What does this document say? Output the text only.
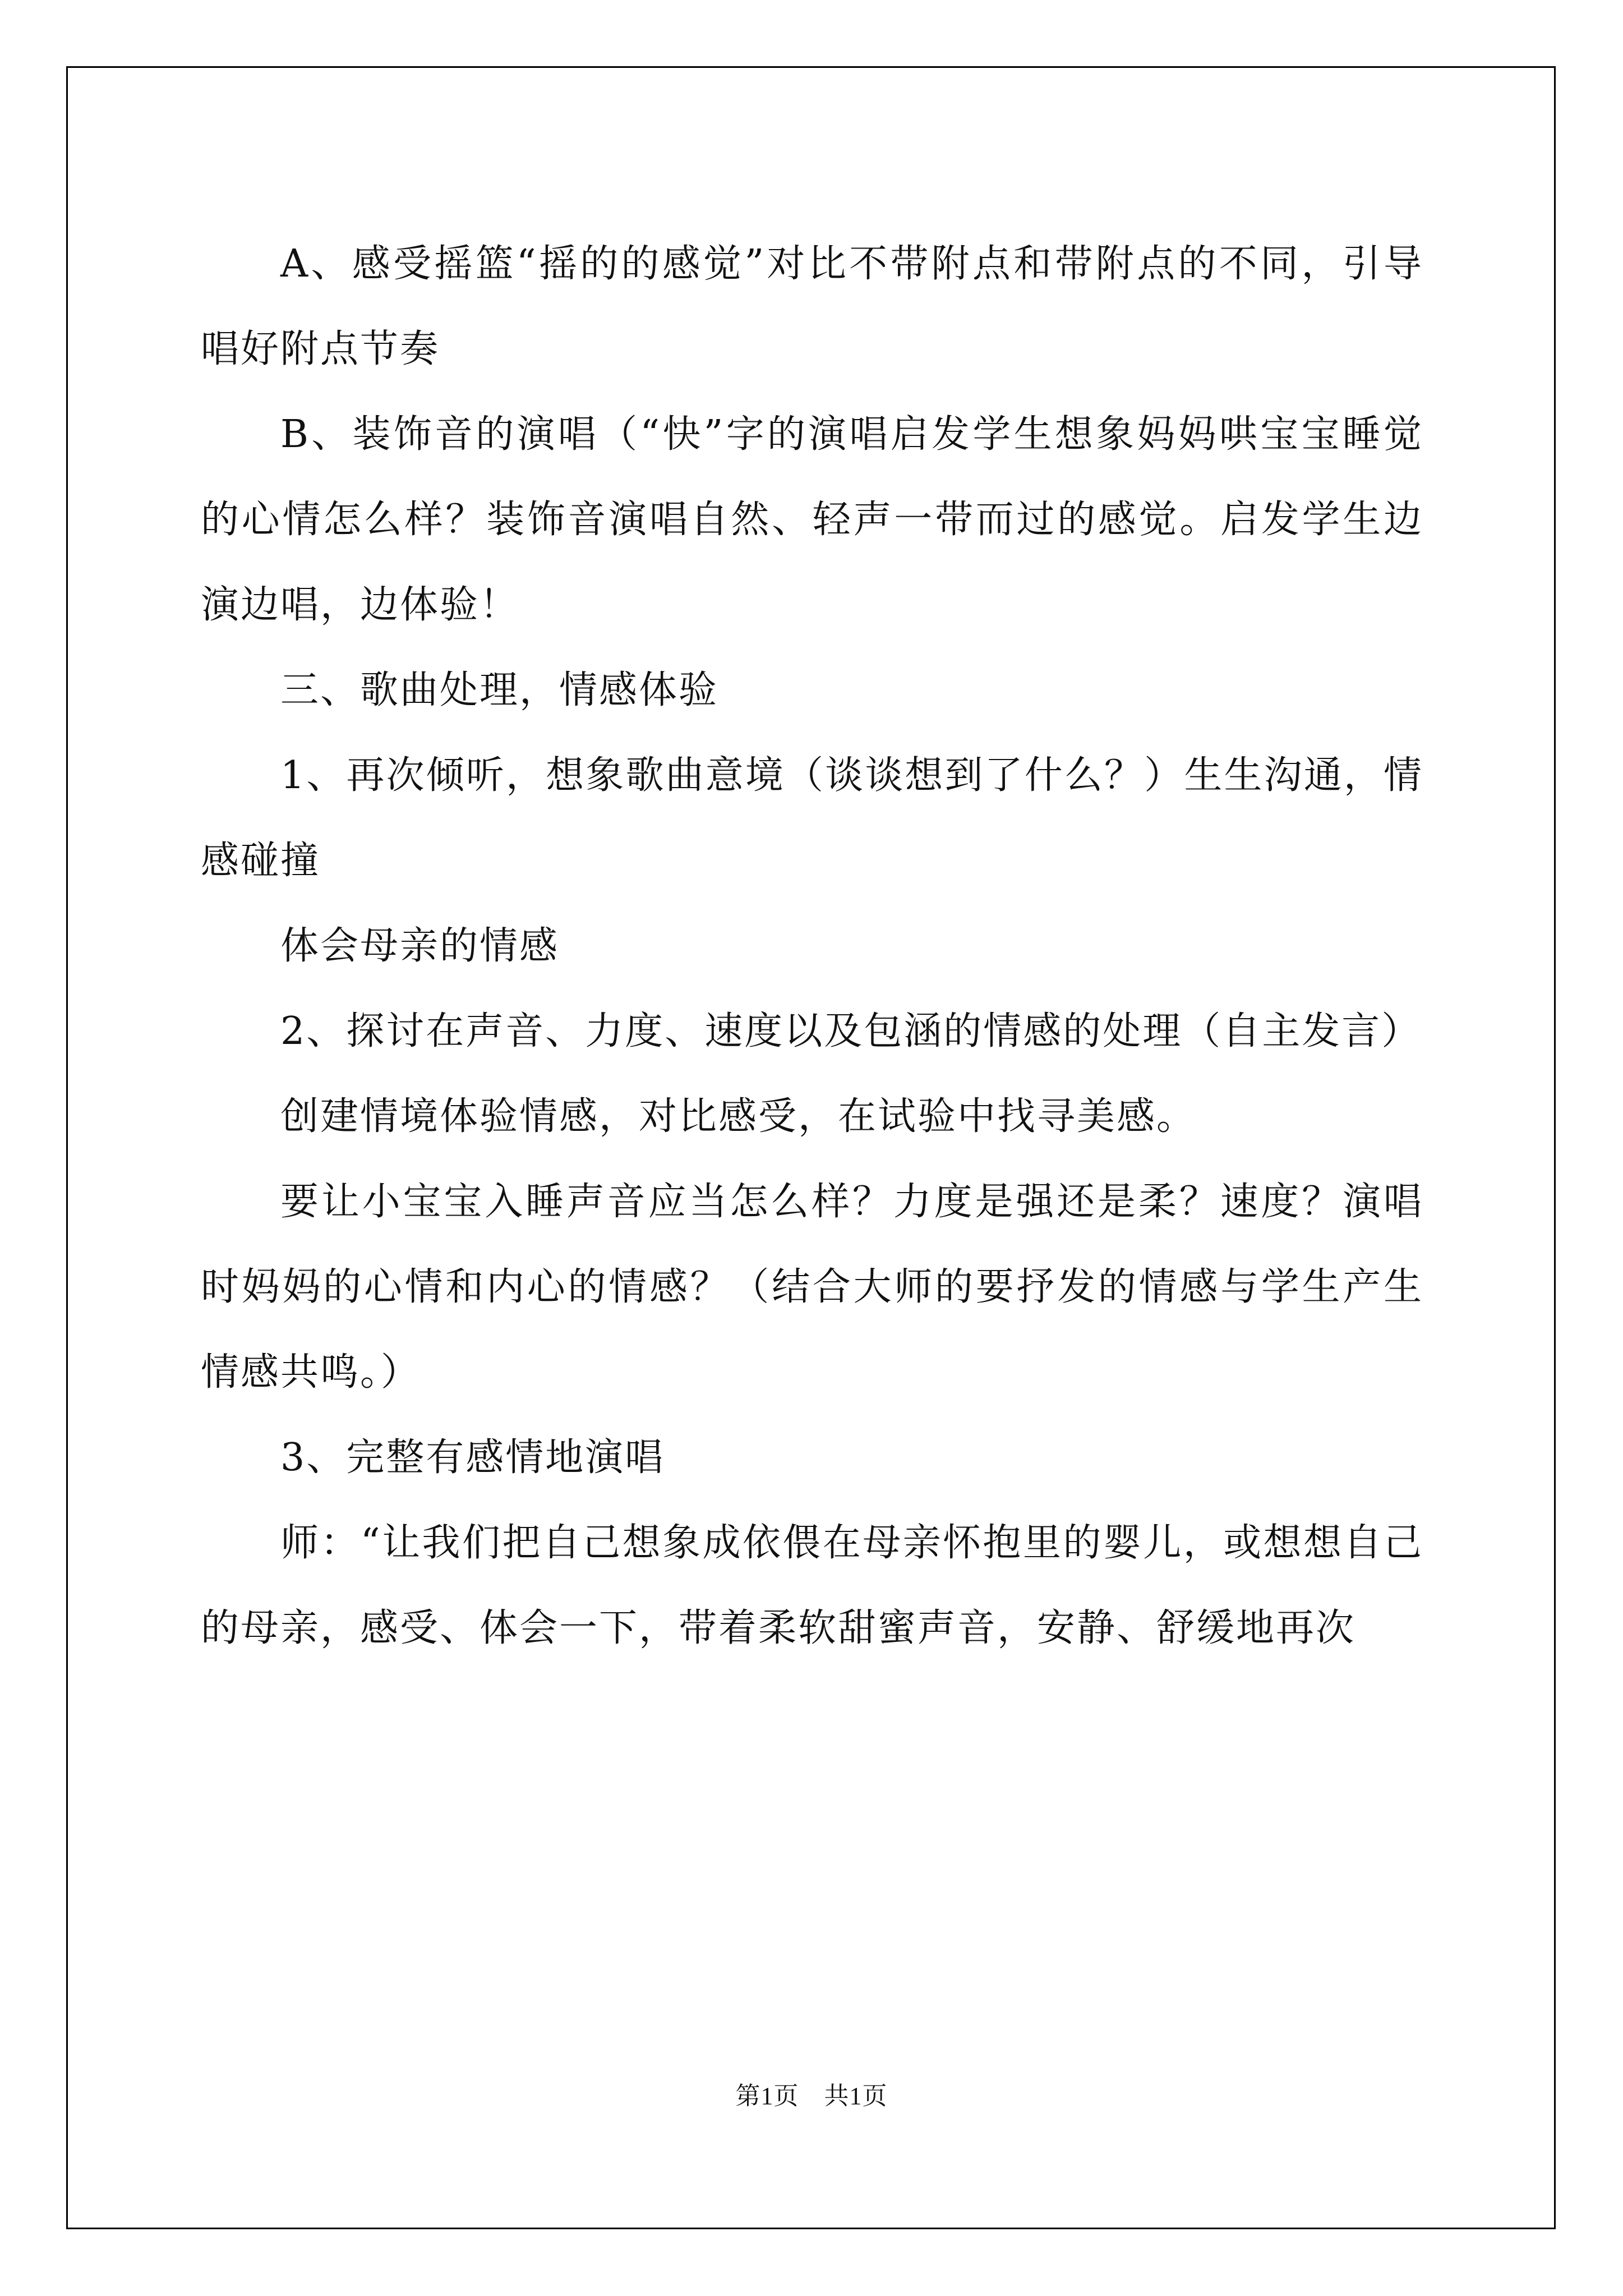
A、感受摇篮“摇的的感觉”对比不带附点和带附点的不同，引导唱好附点节奏

B、装饰音的演唱（“快”字的演唱启发学生想象妈妈哄宝宝睡觉的心情怎么样？装饰音演唱自然、轻声一带而过的感觉。启发学生边演边唱，边体验！

三、歌曲处理，情感体验

1、再次倾听，想象歌曲意境（谈谈想到了什么？）生生沟通，情感碰撞

体会母亲的情感

2、探讨在声音、力度、速度以及包涵的情感的处理（自主发言）

创建情境体验情感，对比感受，在试验中找寻美感。

要让小宝宝入睡声音应当怎么样？力度是强还是柔？速度？演唱时妈妈的心情和内心的情感？（结合大师的要抒发的情感与学生产生情感共鸣。）

3、完整有感情地演唱

师：“让我们把自己想象成依偎在母亲怀抱里的婴儿，或想想自己的母亲，感受、体会一下，带着柔软甜蜜声音，安静、舒缓地再次

第1页　共1页
